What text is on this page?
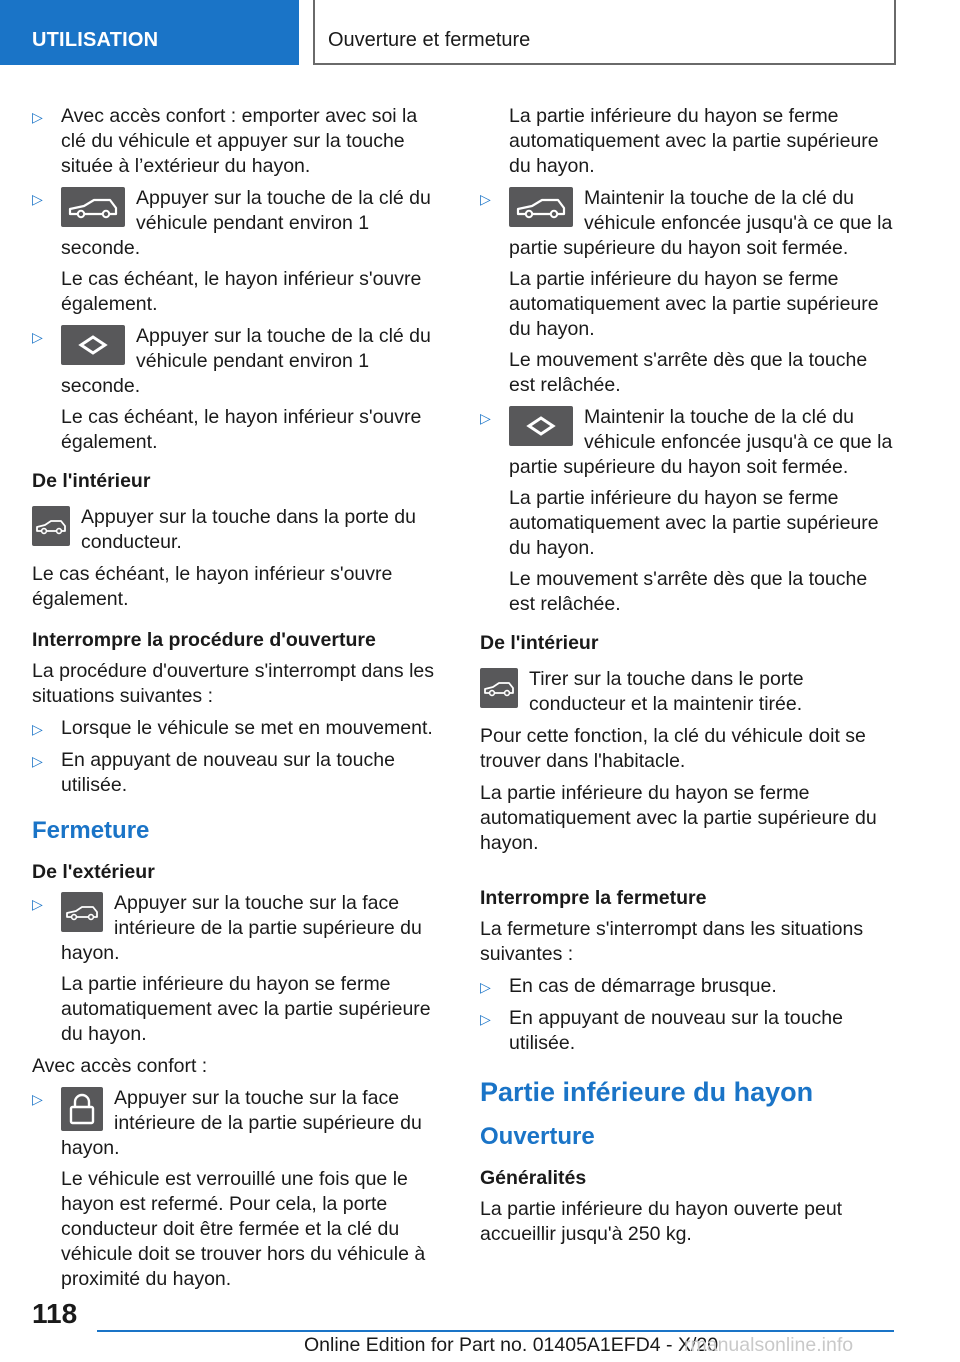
UTILISATION	Ouverture et fermeture
▷ Avec accès confort : emporter avec soi la clé du véhicule et appuyer sur la touche située à l’extérieur du hayon.

▷	Appuyer sur la touche de la clé du véhicule pendant environ 1 seconde.

Le cas échéant, le hayon inférieur s'ouvre également.

▷	Appuyer sur la touche de la clé du véhicule pendant environ 1 seconde.

Le cas échéant, le hayon inférieur s'ouvre également.

De l'intérieur

Appuyer sur la touche dans la porte du conducteur.

Le cas échéant, le hayon inférieur s'ouvre également.

Interrompre la procédure d'ouverture

La procédure d'ouverture s'interrompt dans les situations suivantes :

▷ Lorsque le véhicule se met en mouvement.

▷ En appuyant de nouveau sur la touche utilisée.

Fermeture
De l'extérieur
▷	Appuyer sur la touche sur la face intérieure de la partie supérieure du hayon.

La partie inférieure du hayon se ferme automatiquement avec la partie supérieure du hayon.

Avec accès confort :

▷	Appuyer sur la touche sur la face intérieure de la partie supérieure du hayon.

Le véhicule est verrouillé une fois que le hayon est refermé. Pour cela, la porte conducteur doit être fermée et la clé du véhicule doit se trouver hors du véhicule à proximité du hayon.

La partie inférieure du hayon se ferme automatiquement avec la partie supérieure du hayon.

▷	Maintenir la touche de la clé du véhicule enfoncée jusqu'à ce que la partie supérieure du hayon soit fermée.

La partie inférieure du hayon se ferme automatiquement avec la partie supérieure du hayon.

Le mouvement s'arrête dès que la touche est relâchée.

▷	Maintenir la touche de la clé du véhicule enfoncée jusqu'à ce que la partie supérieure du hayon soit fermée.

La partie inférieure du hayon se ferme automatiquement avec la partie supérieure du hayon.

Le mouvement s'arrête dès que la touche est relâchée.

De l'intérieur

Tirer sur la touche dans le porte conducteur et la maintenir tirée.

Pour cette fonction, la clé du véhicule doit se trouver dans l'habitacle.

La partie inférieure du hayon se ferme automatiquement avec la partie supérieure du hayon.

Interrompre la fermeture

La fermeture s'interrompt dans les situations suivantes :

▷ En cas de démarrage brusque.

▷ En appuyant de nouveau sur la touche utilisée.

Partie inférieure du hayon
Ouverture
Généralités

La partie inférieure du hayon ouverte peut accueillir jusqu'à 250 kg.

118
Online Edition for Part no. 01405A1EFD4 - X/20
rmanualsonline.info
